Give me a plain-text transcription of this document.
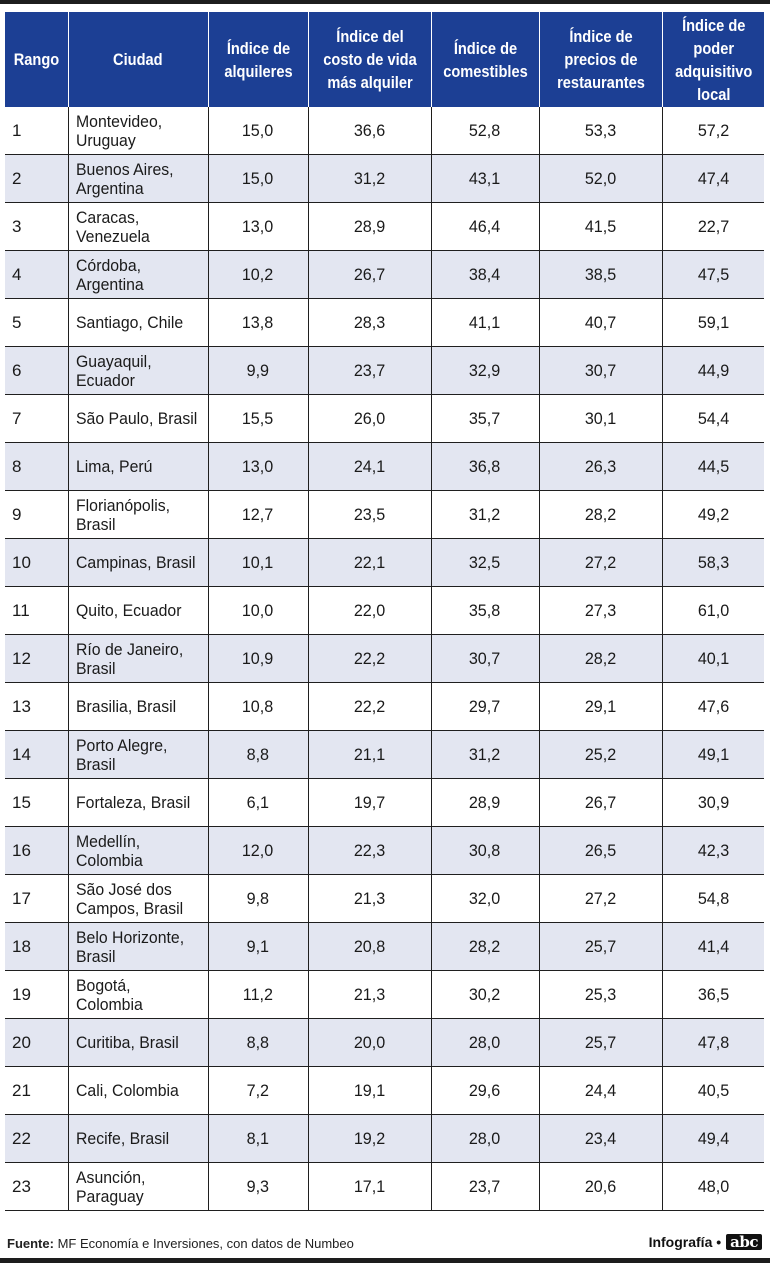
Rango	Ciudad	Índice de alquileres	Índice del costo de vida más alquiler	Índice de comestibles	Índice de precios de restaurantes	Índice de poder adquisitivo local
1	Montevideo, Uruguay	15,0	36,6	52,8	53,3	57,2
2	Buenos Aires, Argentina	15,0	31,2	43,1	52,0	47,4
3	Caracas, Venezuela	13,0	28,9	46,4	41,5	22,7
4	Córdoba, Argentina	10,2	26,7	38,4	38,5	47,5
5	Santiago, Chile	13,8	28,3	41,1	40,7	59,1
6	Guayaquil, Ecuador	9,9	23,7	32,9	30,7	44,9
7	São Paulo, Brasil	15,5	26,0	35,7	30,1	54,4
8	Lima, Perú	13,0	24,1	36,8	26,3	44,5
9	Florianópolis, Brasil	12,7	23,5	31,2	28,2	49,2
10	Campinas, Brasil	10,1	22,1	32,5	27,2	58,3
11	Quito, Ecuador	10,0	22,0	35,8	27,3	61,0
12	Río de Janeiro, Brasil	10,9	22,2	30,7	28,2	40,1
13	Brasilia, Brasil	10,8	22,2	29,7	29,1	47,6
14	Porto Alegre, Brasil	8,8	21,1	31,2	25,2	49,1
15	Fortaleza, Brasil	6,1	19,7	28,9	26,7	30,9
16	Medellín, Colombia	12,0	22,3	30,8	26,5	42,3
17	São José dos Campos, Brasil	9,8	21,3	32,0	27,2	54,8
18	Belo Horizonte, Brasil	9,1	20,8	28,2	25,7	41,4
19	Bogotá, Colombia	11,2	21,3	30,2	25,3	36,5
20	Curitiba, Brasil	8,8	20,0	28,0	25,7	47,8
21	Cali, Colombia	7,2	19,1	29,6	24,4	40,5
22	Recife, Brasil	8,1	19,2	28,0	23,4	49,4
23	Asunción, Paraguay	9,3	17,1	23,7	20,6	48,0
Fuente: MF Economía e Inversiones, con datos de Numbeo	Infografía • abc
